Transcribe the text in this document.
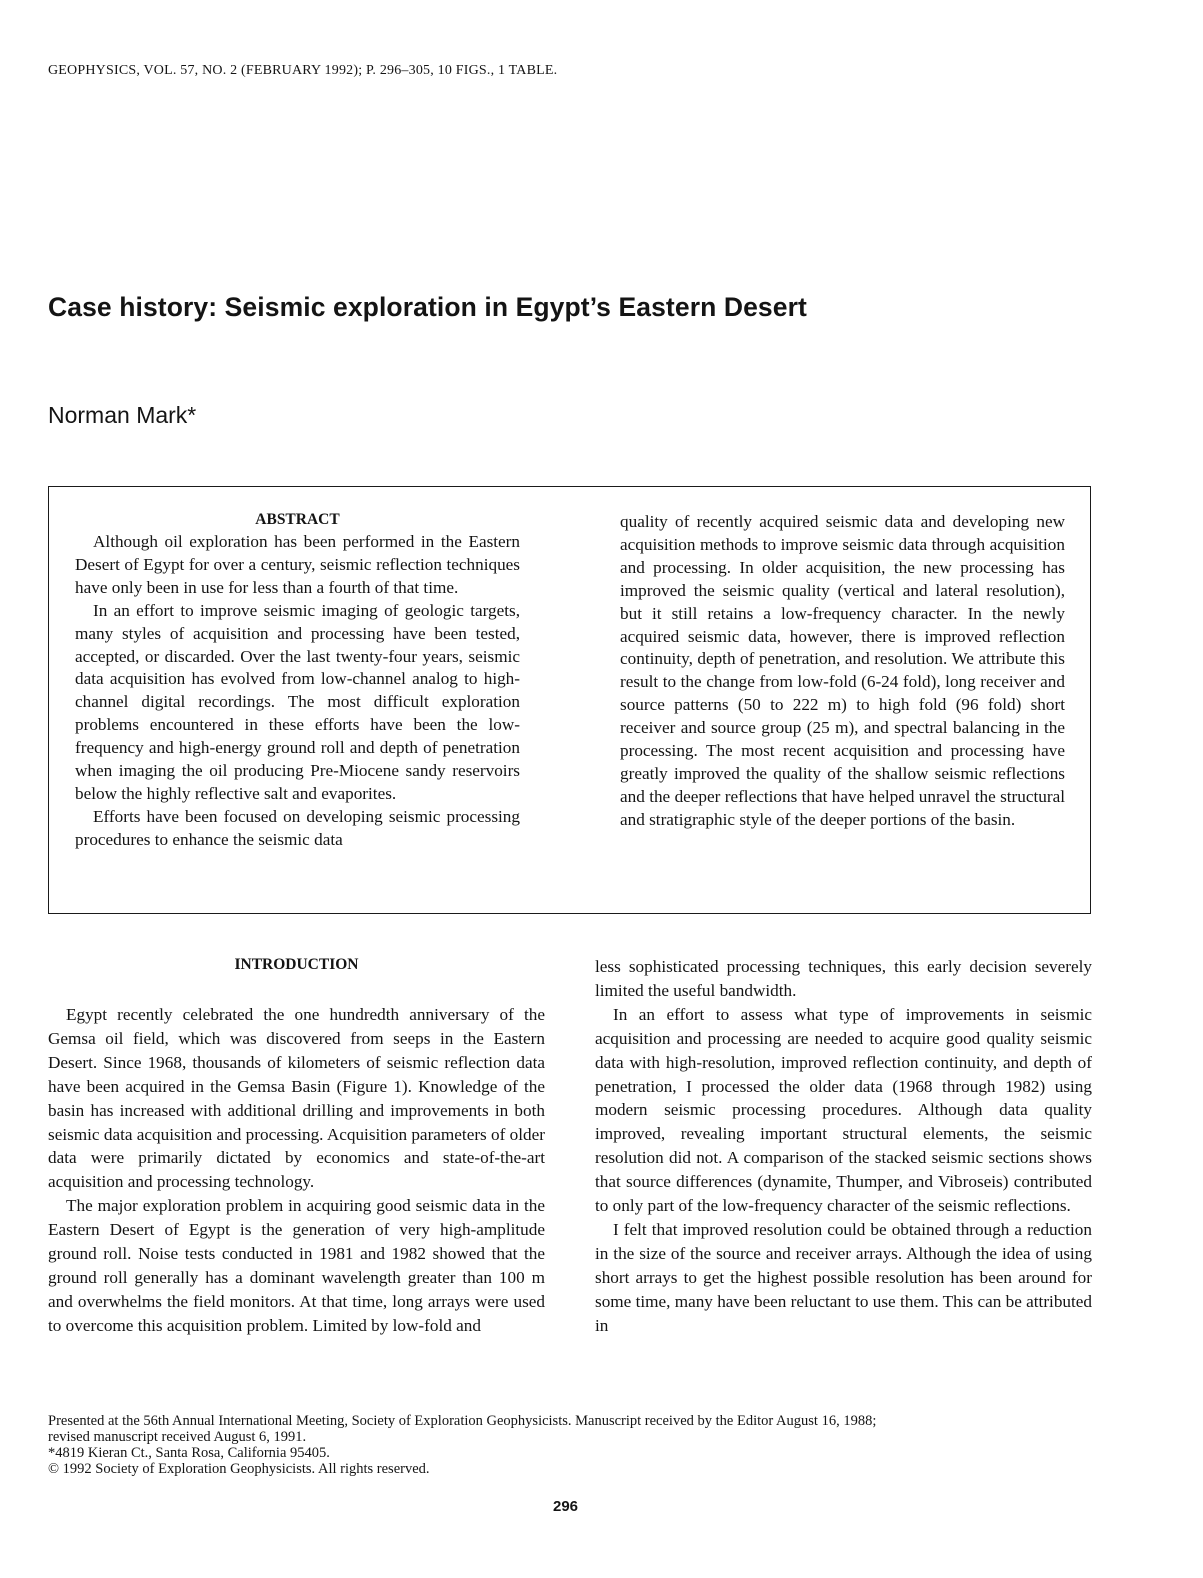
GEOPHYSICS, VOL. 57, NO. 2 (FEBRUARY 1992); P. 296–305, 10 FIGS., 1 TABLE.
Case history: Seismic exploration in Egypt’s Eastern Desert
Norman Mark*
ABSTRACT

Although oil exploration has been performed in the Eastern Desert of Egypt for over a century, seismic reflection techniques have only been in use for less than a fourth of that time.

In an effort to improve seismic imaging of geologic targets, many styles of acquisition and processing have been tested, accepted, or discarded. Over the last twenty-four years, seismic data acquisition has evolved from low-channel analog to high-channel digital recordings. The most difficult exploration problems encountered in these efforts have been the low-frequency and high-energy ground roll and depth of penetration when imaging the oil producing Pre-Miocene sandy reservoirs below the highly reflective salt and evaporites.

Efforts have been focused on developing seismic processing procedures to enhance the seismic data

quality of recently acquired seismic data and developing new acquisition methods to improve seismic data through acquisition and processing. In older acquisition, the new processing has improved the seismic quality (vertical and lateral resolution), but it still retains a low-frequency character. In the newly acquired seismic data, however, there is improved reflection continuity, depth of penetration, and resolution. We attribute this result to the change from low-fold (6-24 fold), long receiver and source patterns (50 to 222 m) to high fold (96 fold) short receiver and source group (25 m), and spectral balancing in the processing. The most recent acquisition and processing have greatly improved the quality of the shallow seismic reflections and the deeper reflections that have helped unravel the structural and stratigraphic style of the deeper portions of the basin.

INTRODUCTION

Egypt recently celebrated the one hundredth anniversary of the Gemsa oil field, which was discovered from seeps in the Eastern Desert. Since 1968, thousands of kilometers of seismic reflection data have been acquired in the Gemsa Basin (Figure 1). Knowledge of the basin has increased with additional drilling and improvements in both seismic data acquisition and processing. Acquisition parameters of older data were primarily dictated by economics and state-of-the-art acquisition and processing technology.

The major exploration problem in acquiring good seismic data in the Eastern Desert of Egypt is the generation of very high-amplitude ground roll. Noise tests conducted in 1981 and 1982 showed that the ground roll generally has a dominant wavelength greater than 100 m and overwhelms the field monitors. At that time, long arrays were used to overcome this acquisition problem. Limited by low-fold and

less sophisticated processing techniques, this early decision severely limited the useful bandwidth.

In an effort to assess what type of improvements in seismic acquisition and processing are needed to acquire good quality seismic data with high-resolution, improved reflection continuity, and depth of penetration, I processed the older data (1968 through 1982) using modern seismic processing procedures. Although data quality improved, revealing important structural elements, the seismic resolution did not. A comparison of the stacked seismic sections shows that source differences (dynamite, Thumper, and Vibroseis) contributed to only part of the low-frequency character of the seismic reflections.

I felt that improved resolution could be obtained through a reduction in the size of the source and receiver arrays. Although the idea of using short arrays to get the highest possible resolution has been around for some time, many have been reluctant to use them. This can be attributed in

Presented at the 56th Annual International Meeting, Society of Exploration Geophysicists. Manuscript received by the Editor August 16, 1988;
revised manuscript received August 6, 1991.
*4819 Kieran Ct., Santa Rosa, California 95405.
© 1992 Society of Exploration Geophysicists. All rights reserved.
296
